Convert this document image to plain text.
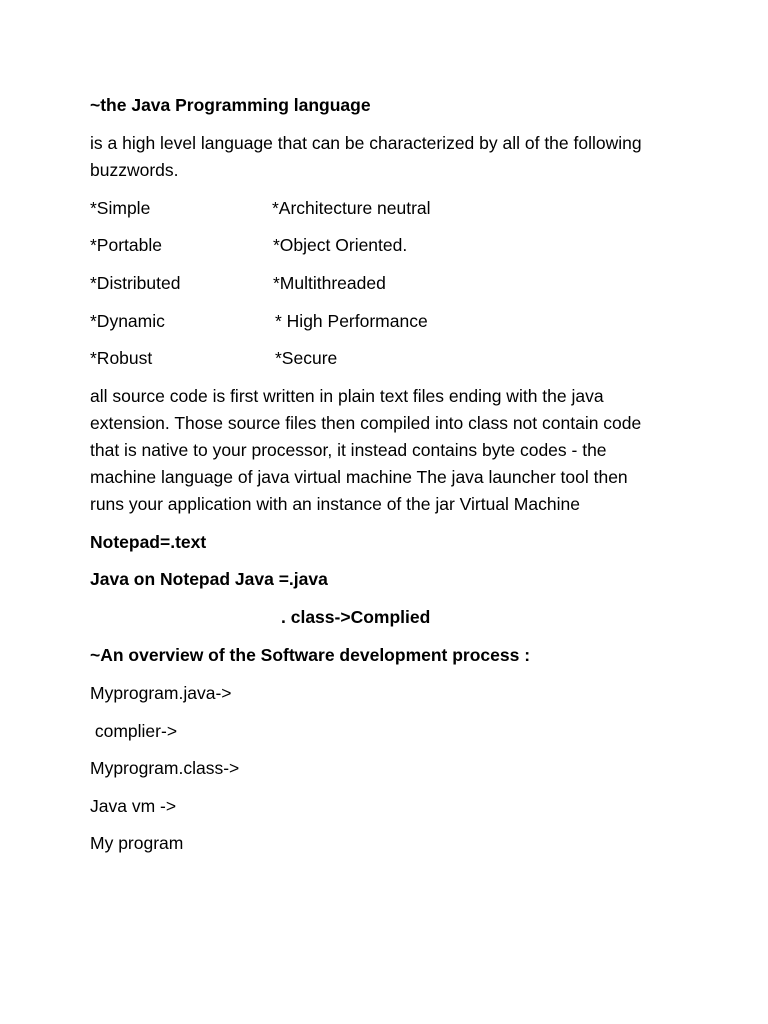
~the Java Programming language
is a high level language that can be characterized by all of the following
buzzwords.
*Simple	*Architecture neutral
*Portable	*Object Oriented.
*Distributed	*Multithreaded
*Dynamic	* High Performance
*Robust	*Secure
all source code is first written in plain text files ending with the java
extension. Those source files then compiled into class not contain code
that is native to your processor, it instead contains byte codes - the
machine language of java virtual machine The java launcher tool then
runs your application with an instance of the jar Virtual Machine
Notepad=.text
Java on Notepad Java =.java
. class->Complied
~An overview of the Software development process :
Myprogram.java->
complier->
Myprogram.class->
Java vm ->
My program
